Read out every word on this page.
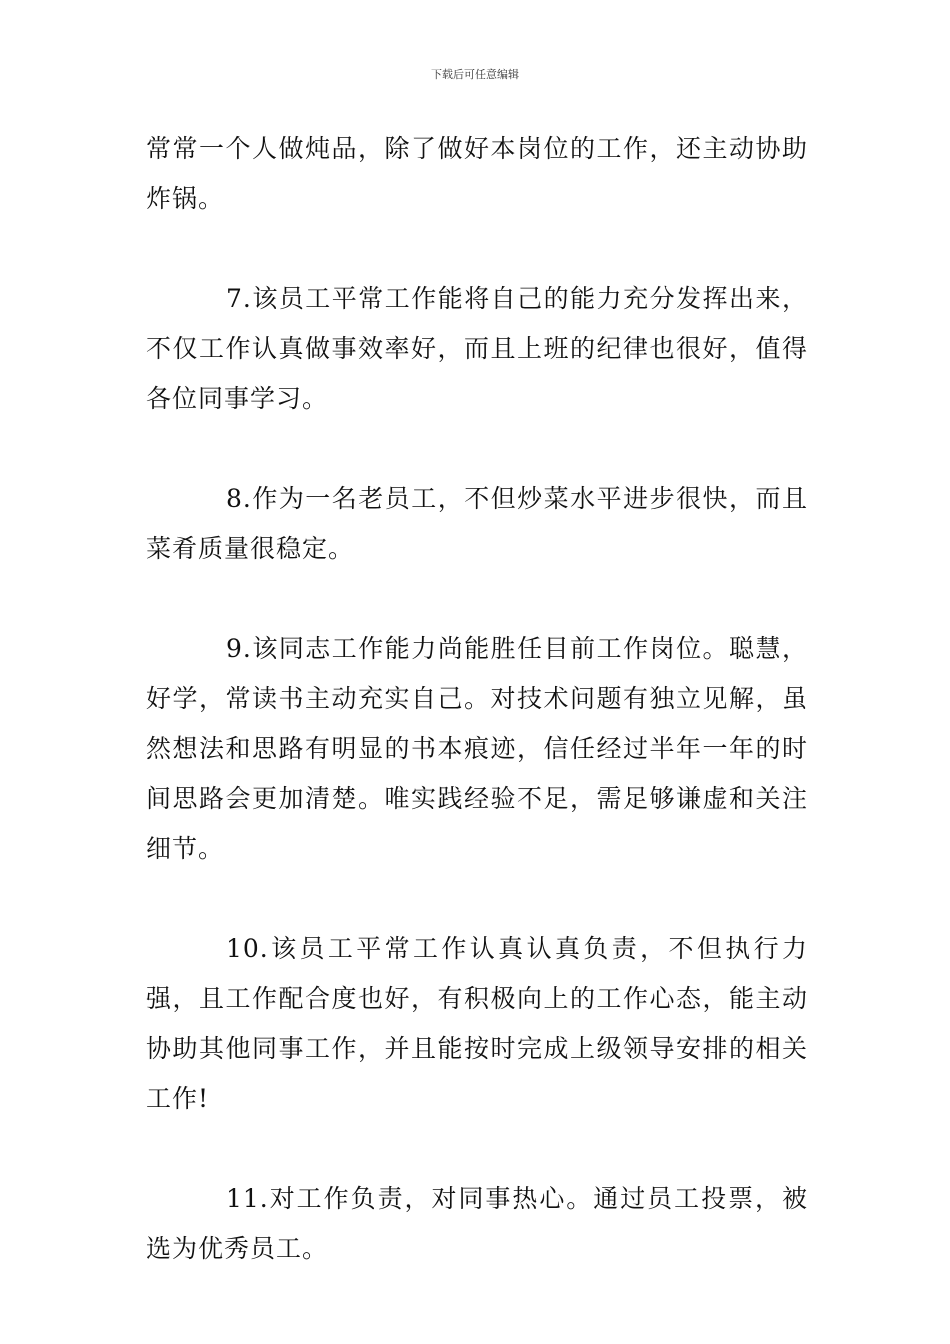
下载后可任意编辑

常常一个人做炖品，除了做好本岗位的工作，还主动协助炸锅。

7.该员工平常工作能将自己的能力充分发挥出来，不仅工作认真做事效率好，而且上班的纪律也很好，值得各位同事学习。

8.作为一名老员工，不但炒菜水平进步很快，而且菜肴质量很稳定。

9.该同志工作能力尚能胜任目前工作岗位。聪慧，好学，常读书主动充实自己。对技术问题有独立见解，虽然想法和思路有明显的书本痕迹，信任经过半年一年的时间思路会更加清楚。唯实践经验不足，需足够谦虚和关注细节。

10.该员工平常工作认真认真负责，不但执行力强，且工作配合度也好，有积极向上的工作心态，能主动协助其他同事工作，并且能按时完成上级领导安排的相关工作!

11.对工作负责，对同事热心。通过员工投票，被选为优秀员工。
